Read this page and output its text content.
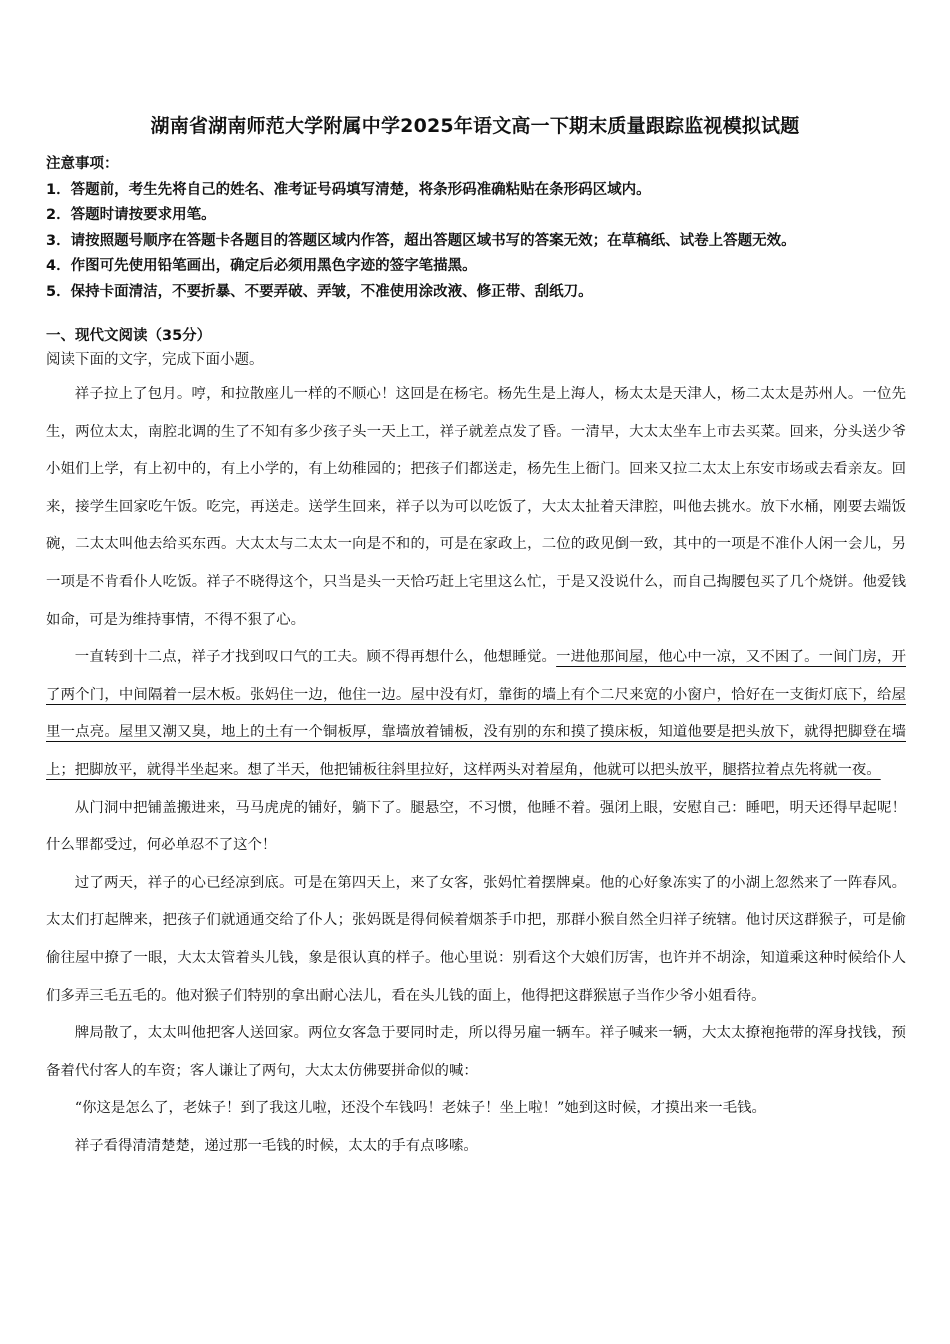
湖南省湖南师范大学附属中学2025年语文高一下期末质量跟踪监视模拟试题
注意事项：
1．答题前，考生先将自己的姓名、准考证号码填写清楚，将条形码准确粘贴在条形码区域内。
2．答题时请按要求用笔。
3．请按照题号顺序在答题卡各题目的答题区域内作答，超出答题区域书写的答案无效；在草稿纸、试卷上答题无效。
4．作图可先使用铅笔画出，确定后必须用黑色字迹的签字笔描黑。
5．保持卡面清洁，不要折暴、不要弄破、弄皱，不准使用涂改液、修正带、刮纸刀。
一、现代文阅读（35分）
阅读下面的文字，完成下面小题。

祥子拉上了包月。哼，和拉散座儿一样的不顺心！这回是在杨宅。杨先生是上海人，杨太太是天津人，杨二太太是苏州人。一位先生，两位太太，南腔北调的生了不知有多少孩子头一天上工，祥子就差点发了昏。一清早，大太太坐车上市去买菜。回来，分头送少爷小姐们上学，有上初中的，有上小学的，有上幼稚园的；把孩子们都送走，杨先生上衙门。回来又拉二太太上东安市场或去看亲友。回来，接学生回家吃午饭。吃完，再送走。送学生回来，祥子以为可以吃饭了，大太太扯着天津腔，叫他去挑水。放下水桶，刚要去端饭碗，二太太叫他去给买东西。大太太与二太太一向是不和的，可是在家政上，二位的政见倒一致，其中的一项是不准仆人闲一会儿，另一项是不肯看仆人吃饭。祥子不晓得这个，只当是头一天恰巧赶上宅里这么忙，于是又没说什么，而自己掏腰包买了几个烧饼。他爱钱如命，可是为维持事情，不得不狠了心。

一直转到十二点，祥子才找到叹口气的工夫。顾不得再想什么，他想睡觉。一进他那间屋，他心中一凉，又不困了。一间门房，开了两个门，中间隔着一层木板。张妈住一边，他住一边。屋中没有灯，靠街的墙上有个二尺来宽的小窗户，恰好在一支街灯底下，给屋里一点亮。屋里又潮又臭，地上的土有一个铜板厚，靠墙放着铺板，没有别的东和摸了摸床板，知道他要是把头放下，就得把脚登在墙上；把脚放平，就得半坐起来。想了半天，他把铺板往斜里拉好，这样两头对着屋角，他就可以把头放平，腿搭拉着点先将就一夜。

从门洞中把铺盖搬进来，马马虎虎的铺好，躺下了。腿悬空，不习惯，他睡不着。强闭上眼，安慰自己：睡吧，明天还得早起呢！什么罪都受过，何必单忍不了这个！

过了两天，祥子的心已经凉到底。可是在第四天上，来了女客，张妈忙着摆牌桌。他的心好象冻实了的小湖上忽然来了一阵春风。太太们打起牌来，把孩子们就通通交给了仆人；张妈既是得伺候着烟茶手巾把，那群小猴自然全归祥子统辖。他讨厌这群猴子，可是偷偷往屋中撩了一眼，大太太管着头儿钱，象是很认真的样子。他心里说：别看这个大娘们厉害，也许并不胡涂，知道乘这种时候给仆人们多弄三毛五毛的。他对猴子们特别的拿出耐心法儿，看在头儿钱的面上，他得把这群猴崽子当作少爷小姐看待。

牌局散了，太太叫他把客人送回家。两位女客急于要同时走，所以得另雇一辆车。祥子喊来一辆，大太太撩袍拖带的浑身找钱，预备着代付客人的车资；客人谦让了两句，大太太仿佛要拼命似的喊：

“你这是怎么了，老妹子！到了我这儿啦，还没个车钱吗！老妹子！坐上啦！”她到这时候，才摸出来一毛钱。

祥子看得清清楚楚，递过那一毛钱的时候，太太的手有点哆嗦。
